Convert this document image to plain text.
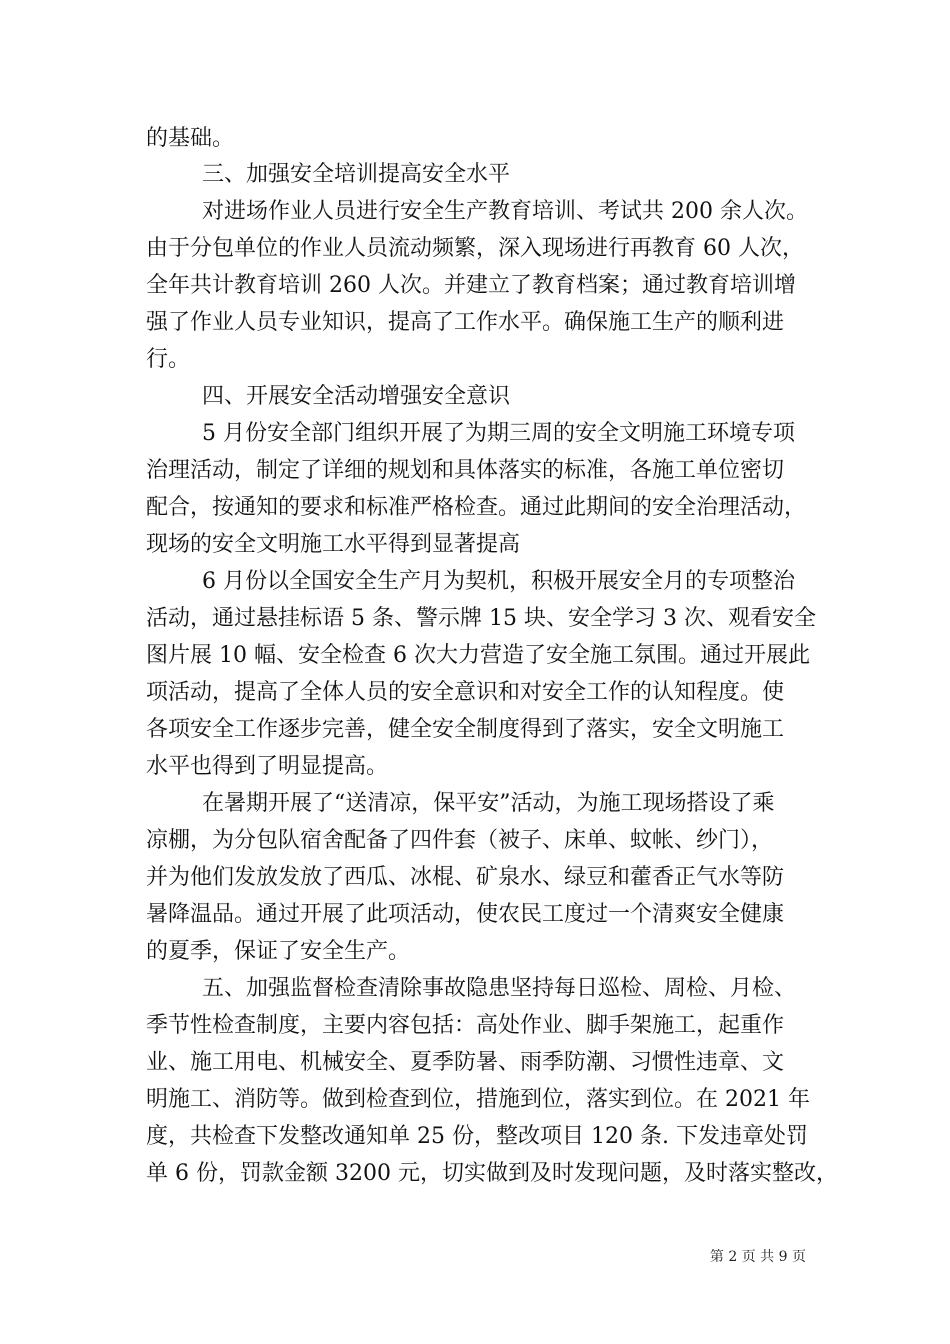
的基础。
三、加强安全培训提高安全水平
对进场作业人员进行安全生产教育培训、考试共 200 余人次。
由于分包单位的作业人员流动频繁，深入现场进行再教育 60 人次，
全年共计教育培训 260 人次。并建立了教育档案；通过教育培训增
强了作业人员专业知识，提高了工作水平。确保施工生产的顺利进
行。
四、开展安全活动增强安全意识
5 月份安全部门组织开展了为期三周的安全文明施工环境专项
治理活动，制定了详细的规划和具体落实的标准，各施工单位密切
配合，按通知的要求和标准严格检查。通过此期间的安全治理活动，
现场的安全文明施工水平得到显著提高
6 月份以全国安全生产月为契机，积极开展安全月的专项整治
活动，通过悬挂标语 5 条、警示牌 15 块、安全学习 3 次、观看安全
图片展 10 幅、安全检查 6 次大力营造了安全施工氛围。通过开展此
项活动，提高了全体人员的安全意识和对安全工作的认知程度。使
各项安全工作逐步完善，健全安全制度得到了落实，安全文明施工
水平也得到了明显提高。
在暑期开展了“送清凉，保平安”活动，为施工现场搭设了乘
凉棚，为分包队宿舍配备了四件套（被子、床单、蚊帐、纱门），
并为他们发放发放了西瓜、冰棍、矿泉水、绿豆和藿香正气水等防
暑降温品。通过开展了此项活动，使农民工度过一个清爽安全健康
的夏季，保证了安全生产。
五、加强监督检查清除事故隐患坚持每日巡检、周检、月检、
季节性检查制度，主要内容包括：高处作业、脚手架施工，起重作
业、施工用电、机械安全、夏季防暑、雨季防潮、习惯性违章、文
明施工、消防等。做到检查到位，措施到位，落实到位。在 2021 年
度，共检查下发整改通知单 25 份，整改项目 120 条. 下发违章处罚
单 6 份，罚款金额 3200 元，切实做到及时发现问题，及时落实整改，
第 2 页 共 9 页
